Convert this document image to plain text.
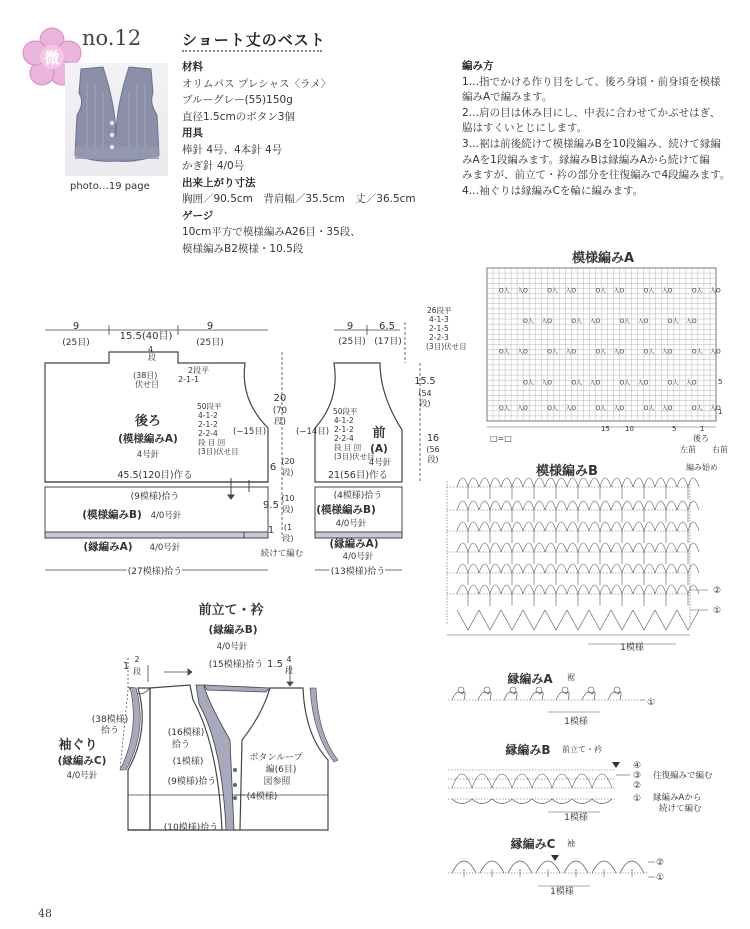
微
no.12	ショート丈のベスト
photo…19 page
材料
オリムパス プレシャス〈ラメ〉
ブルーグレー(55)150g
直径1.5cmのボタン3個
用具
棒針 4号、4本針 4号
かぎ針 4/0号
出来上がり寸法
胸囲／90.5cm　背肩幅／35.5cm　丈／36.5cm
ゲージ
10cm平方で模様編みA26目・35段、
模様編みB2模様・10.5段
編み方
1…指でかける作り目をして、後ろ身頃・前身頃を模様
編みAで編みます。
2…肩の目は休み目にし、中表に合わせてかぶせはぎ、
脇はすくいとじにします。
3…裾は前後続けて模様編みBを10段編み、続けて縁編
みAを1段編みます。縁編みBは縁編みAから続けて編
みますが、前立て・衿の部分を往復編みで4段編みます。
4…袖ぐりは縁編みCを輪に編みます。
9
(25目)
15.5(40目)
9
(25目)
4
段
(38目)
伏せ目
2段平
2-1-1
50段平
4-1-2
2-1-2
2-2-4
段 目 回
(3目)伏せ目
(−15目)
後ろ
(模様編みA)
4号針
45.5(120目)作る
(9模様)拾う
(模様編みB) 4/0号針
(縁編みA) 4/0号針
(27模様)拾う
20
(70
段)
6
(20
段)
9.5
(10
段)
1 (1
段)
9
(25目)
6.5
(17目)
26段平
4-1-3
2-1-5
2-2-3
(3目)伏せ目
15.5
(54
段)
16
(56
段)
50段平
4-1-2
2-1-2
2-2-4
段 目 回
(3目)伏せ目
(−14目)	前
(A)
4号針
21(56目)作る
(4模様)拾う
(模様編みB)
4/0号針
(縁編みA)
4/0号針
(13模様)拾う
続けて編む
前立て・衿
(縁編みB)
4/0号針
1
2
段
(15模様)拾う 1.5 4
段
(38模様)
拾う
袖ぐり
(縁編みC)
4/0号針
(16模様)
拾う
(1模様)
(9模様)拾う
(10模様)拾う
ボタンループ
編(6目)
図参照
(4模様)
O人 入O	O人 入O	O人 入O	O人 入O	O人 入O
O人 入O	O人 入O	O人 入O	O人 入O
O人 入O	O人 入O	O人 入O	O人 入O	O人 入O
O人 入O	O人 入O	O人 入O	O人 入O
O人 入O	O人 入O	O人 入O	O人 入O	O人 入O
模様編みA
5
1
15 10	5	1
□=□
左前
後ろ
右前
編み始め
模様編みB
②
①
1模様
縁編みA 裾
①
1模様
縁編みB 前立て・衿
④
③
②
①
往復編みで編む
縁編みAから
続けて編む
1模様
縁編みC 袖
②
①
1模様
48
